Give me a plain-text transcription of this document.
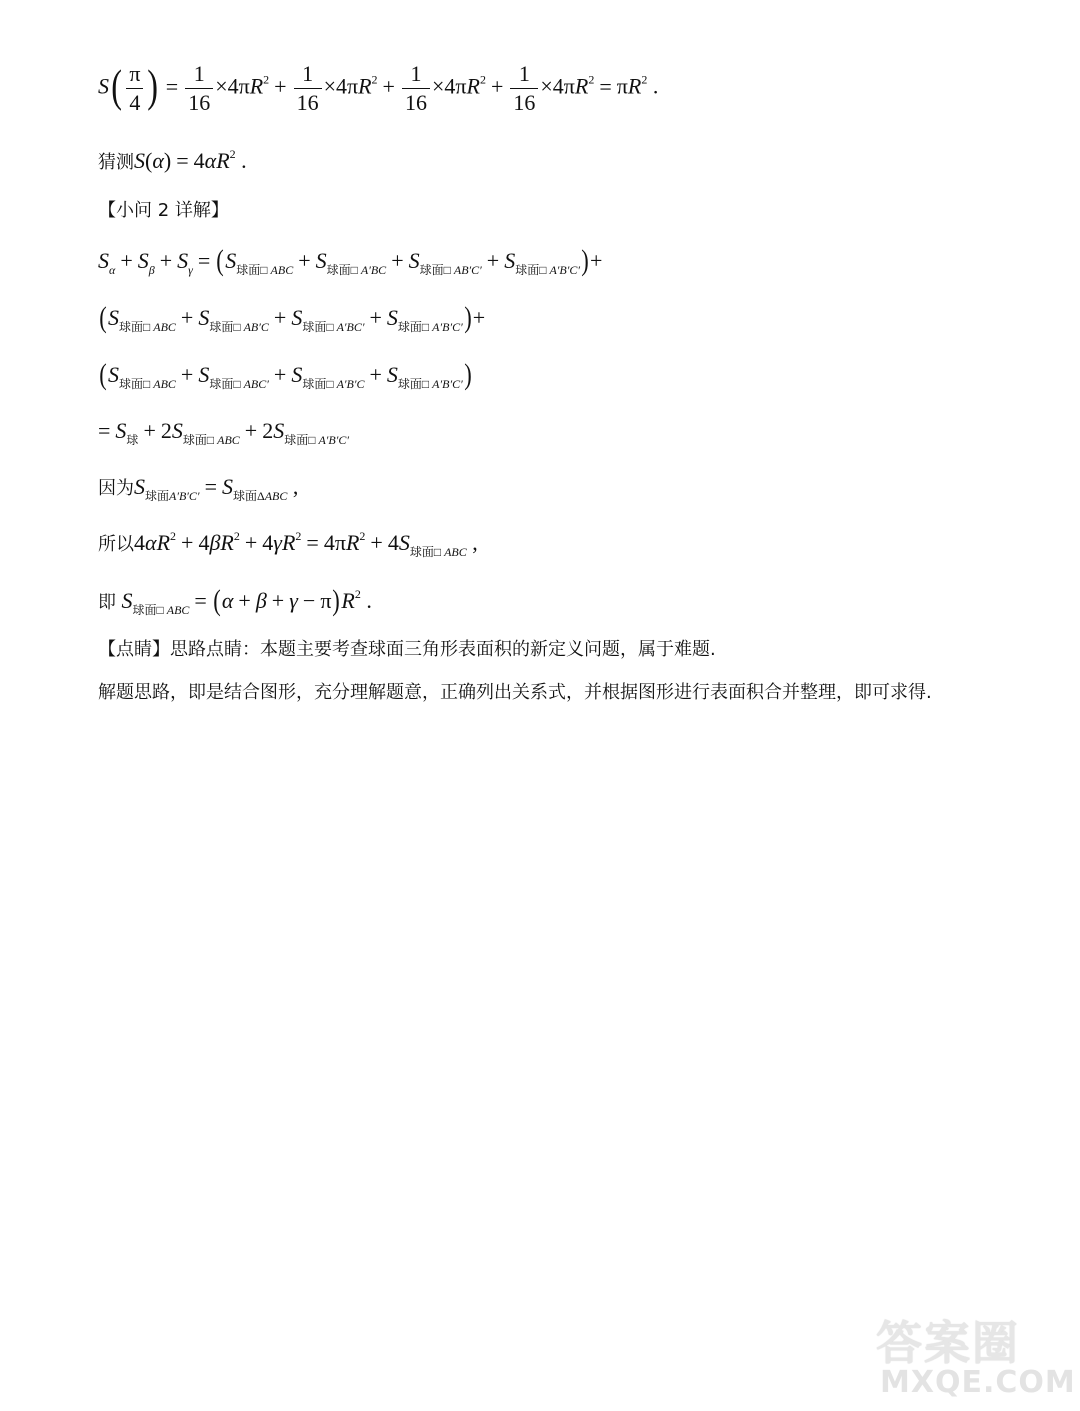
$S( \frac{\pi}{4}$ ) = $\frac{1}{16} \times 4\pi R^2 + \frac{1}{16} \times 4\pi R^2 + \frac{1}{16} \times 4\pi R^2 + \frac{1}{16} \times 4\pi R^2 = \pi R^2$ .
猜测$S(\alpha) = 4\alpha R^2$ .
【小问 2 详解】
$S_\alpha + S_\beta + S_\gamma = (S_{球面□ ABC} + S_{球面□ A'BC} + S_{球面□ AB'C'} + S_{球面□ A'B'C'})+$
$(S_{球面□ ABC} + S_{球面□ AB'C} + S_{球面□ A'BC'} + S_{球面□ A'B'C'})+$
$(S_{球面□ ABC} + S_{球面□ ABC'} + S_{球面□ A'B'C} + S_{球面□ A'B'C'})$
= $S_球 + 2S_{球面□ ABC} + 2S_{球面□ A'B'C'}$
因为$S_{球面A'B'C'} = S_{球面\Delta ABC}$ ,
所以$4\alpha R^2 + 4\beta R^2 + 4\gamma R^2 = 4\pi R^2 + 4S_{球面□ ABC}$ ,
即 $S_{球面□ ABC} = (\alpha + \beta + \gamma - \pi)R^2$ .
【点睛】思路点睛：本题主要考查球面三角形表面积的新定义问题，属于难题.
解题思路，即是结合图形，充分理解题意，正确列出关系式，并根据图形进行表面积合并整理，即可求得.
答案圈
MXQE.COM
